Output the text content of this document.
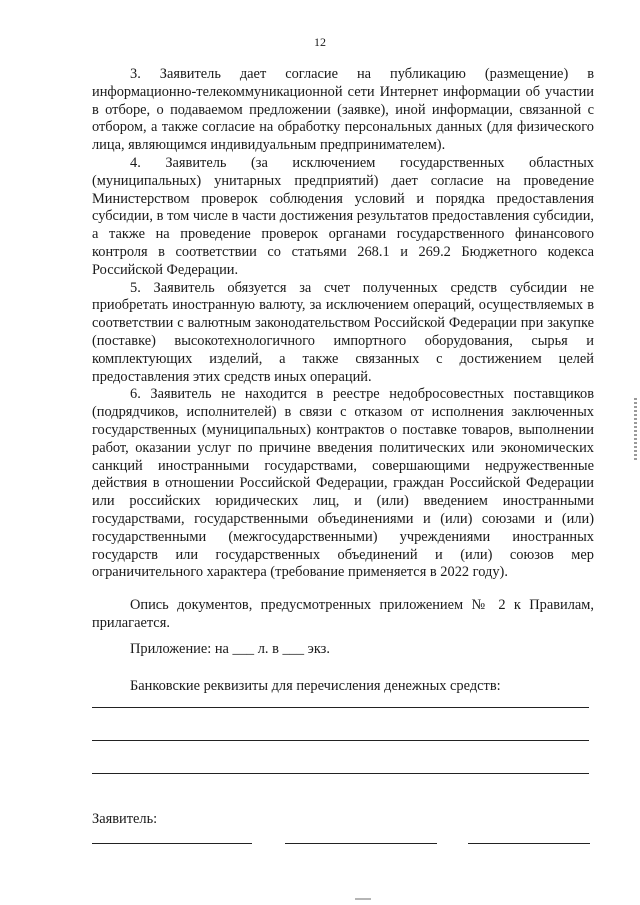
12

3. Заявитель дает согласие на публикацию (размещение) в информационно-телекоммуникационной сети Интернет информации об участии в отборе, о подаваемом предложении (заявке), иной информации, связанной с отбором, а также согласие на обработку персональных данных (для физического лица, являющимся индивидуальным предпринимателем).

4. Заявитель (за исключением государственных областных (муниципальных) унитарных предприятий) дает согласие на проведение Министерством проверок соблюдения условий и порядка предоставления субсидии, в том числе в части достижения результатов предоставления субсидии, а также на проведение проверок органами государственного финансового контроля в соответствии со статьями 268.1 и 269.2 Бюджетного кодекса Российской Федерации.

5. Заявитель обязуется за счет полученных средств субсидии не приобретать иностранную валюту, за исключением операций, осуществляемых в соответствии с валютным законодательством Российской Федерации при закупке (поставке) высокотехнологичного импортного оборудования, сырья и комплектующих изделий, а также связанных с достижением целей предоставления этих средств иных операций.

6. Заявитель не находится в реестре недобросовестных поставщиков (подрядчиков, исполнителей) в связи с отказом от исполнения заключенных государственных (муниципальных) контрактов о поставке товаров, выполнении работ, оказании услуг по причине введения политических или экономических санкций иностранными государствами, совершающими недружественные действия в отношении Российской Федерации, граждан Российской Федерации или российских юридических лиц, и (или) введением иностранными государствами, государственными объединениями и (или) союзами и (или) государственными (межгосударственными) учреждениями иностранных государств или государственных объединений и (или) союзов мер ограничительного характера (требование применяется в 2022 году).

Опись документов, предусмотренных приложением № 2 к Правилам, прилагается.

Приложение: на ___ л. в ___ экз.
Банковские реквизиты для перечисления денежных средств:
Заявитель:
